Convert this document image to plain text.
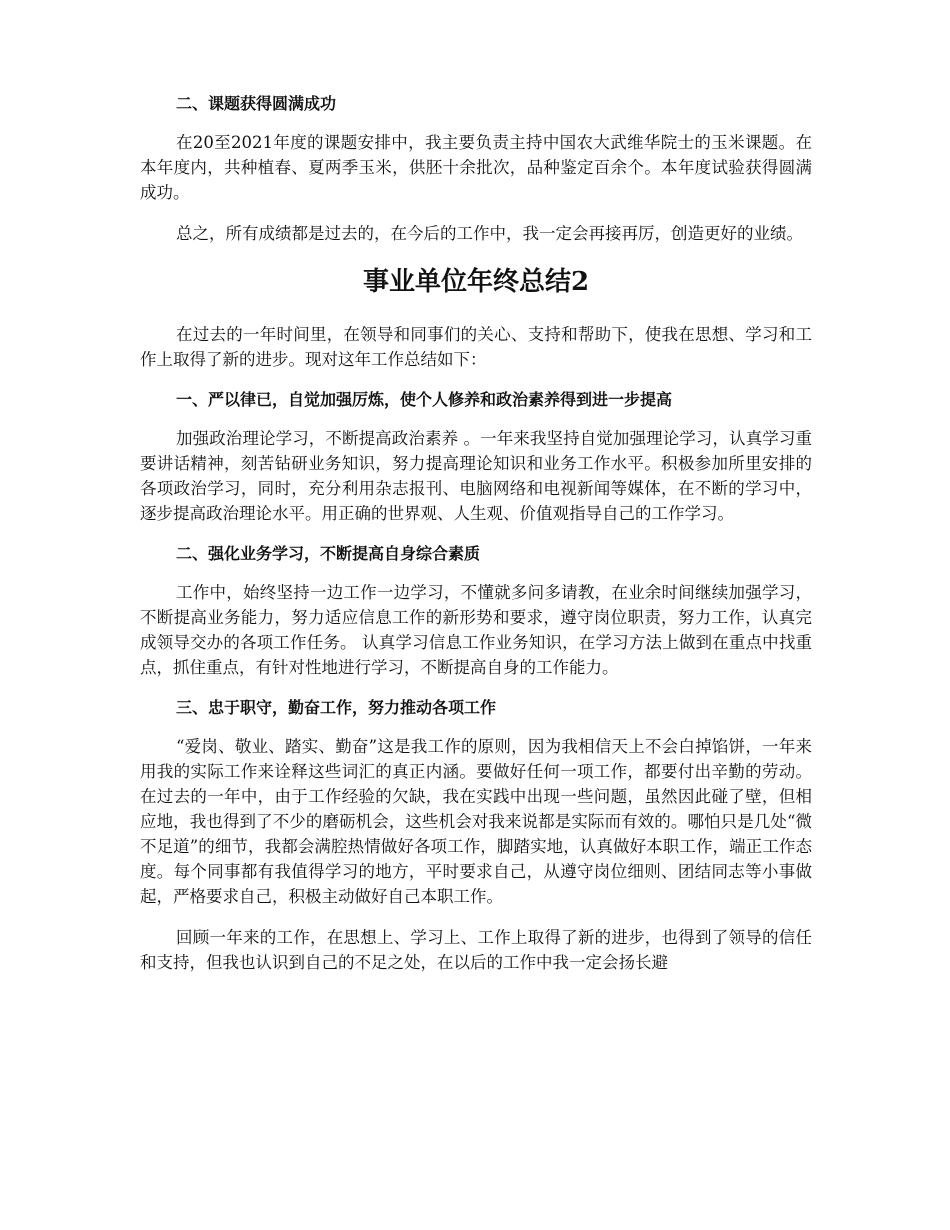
二、课题获得圆满成功

在20至2021年度的课题安排中，我主要负责主持中国农大武维华院士的玉米课题。在本年度内，共种植春、夏两季玉米，供胚十余批次，品种鉴定百余个。本年度试验获得圆满成功。

总之，所有成绩都是过去的，在今后的工作中，我一定会再接再厉，创造更好的业绩。

事业单位年终总结2

在过去的一年时间里，在领导和同事们的关心、支持和帮助下，使我在思想、学习和工作上取得了新的进步。现对这年工作总结如下：

一、严以律已，自觉加强厉炼，使个人修养和政治素养得到进一步提高

加强政治理论学习，不断提高政治素养 。一年来我坚持自觉加强理论学习，认真学习重要讲话精神，刻苦钻研业务知识，努力提高理论知识和业务工作水平。积极参加所里安排的各项政治学习，同时，充分利用杂志报刊、电脑网络和电视新闻等媒体，在不断的学习中，逐步提高政治理论水平。用正确的世界观、人生观、价值观指导自己的工作学习。

二、强化业务学习，不断提高自身综合素质

工作中，始终坚持一边工作一边学习，不懂就多问多请教，在业余时间继续加强学习，不断提高业务能力，努力适应信息工作的新形势和要求，遵守岗位职责，努力工作，认真完成领导交办的各项工作任务。 认真学习信息工作业务知识，在学习方法上做到在重点中找重点，抓住重点，有针对性地进行学习，不断提高自身的工作能力。

三、忠于职守，勤奋工作，努力推动各项工作

“爱岗、敬业、踏实、勤奋”这是我工作的原则，因为我相信天上不会白掉馅饼，一年来用我的实际工作来诠释这些词汇的真正内涵。要做好任何一项工作，都要付出辛勤的劳动。在过去的一年中，由于工作经验的欠缺，我在实践中出现一些问题，虽然因此碰了壁，但相应地，我也得到了不少的磨砺机会，这些机会对我来说都是实际而有效的。哪怕只是几处“微不足道”的细节，我都会满腔热情做好各项工作，脚踏实地，认真做好本职工作，端正工作态度。每个同事都有我值得学习的地方，平时要求自己，从遵守岗位细则、团结同志等小事做起，严格要求自己，积极主动做好自己本职工作。

回顾一年来的工作，在思想上、学习上、工作上取得了新的进步，也得到了领导的信任和支持，但我也认识到自己的不足之处，在以后的工作中我一定会扬长避
